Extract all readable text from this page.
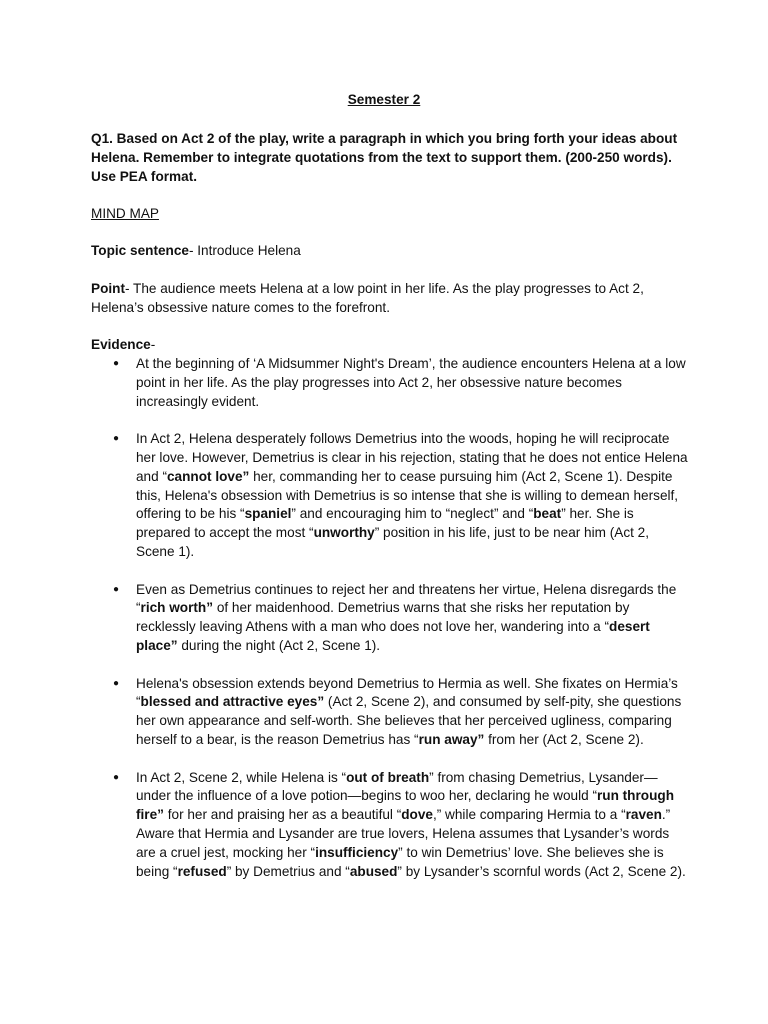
Semester 2
Q1. Based on Act 2 of the play, write a paragraph in which you bring forth your ideas about Helena. Remember to integrate quotations from the text to support them. (200-250 words). Use PEA format.
MIND MAP
Topic sentence- Introduce Helena
Point- The audience meets Helena at a low point in her life. As the play progresses to Act 2, Helena’s obsessive nature comes to the forefront.
Evidence-
● At the beginning of ‘A Midsummer Night's Dream’, the audience encounters Helena at a low point in her life. As the play progresses into Act 2, her obsessive nature becomes increasingly evident.
● In Act 2, Helena desperately follows Demetrius into the woods, hoping he will reciprocate her love. However, Demetrius is clear in his rejection, stating that he does not entice Helena and “cannot love” her, commanding her to cease pursuing him (Act 2, Scene 1). Despite this, Helena's obsession with Demetrius is so intense that she is willing to demean herself, offering to be his “spaniel” and encouraging him to “neglect” and “beat” her. She is prepared to accept the most “unworthy” position in his life, just to be near him (Act 2, Scene 1).
● Even as Demetrius continues to reject her and threatens her virtue, Helena disregards the “rich worth” of her maidenhood. Demetrius warns that she risks her reputation by recklessly leaving Athens with a man who does not love her, wandering into a “desert place” during the night (Act 2, Scene 1).
● Helena's obsession extends beyond Demetrius to Hermia as well. She fixates on Hermia’s “blessed and attractive eyes” (Act 2, Scene 2), and consumed by self-pity, she questions her own appearance and self-worth. She believes that her perceived ugliness, comparing herself to a bear, is the reason Demetrius has “run away” from her (Act 2, Scene 2).
● In Act 2, Scene 2, while Helena is “out of breath” from chasing Demetrius, Lysander—under the influence of a love potion—begins to woo her, declaring he would “run through fire” for her and praising her as a beautiful “dove,” while comparing Hermia to a “raven.” Aware that Hermia and Lysander are true lovers, Helena assumes that Lysander’s words are a cruel jest, mocking her “insufficiency” to win Demetrius’ love. She believes she is being “refused” by Demetrius and “abused” by Lysander’s scornful words (Act 2, Scene 2).
